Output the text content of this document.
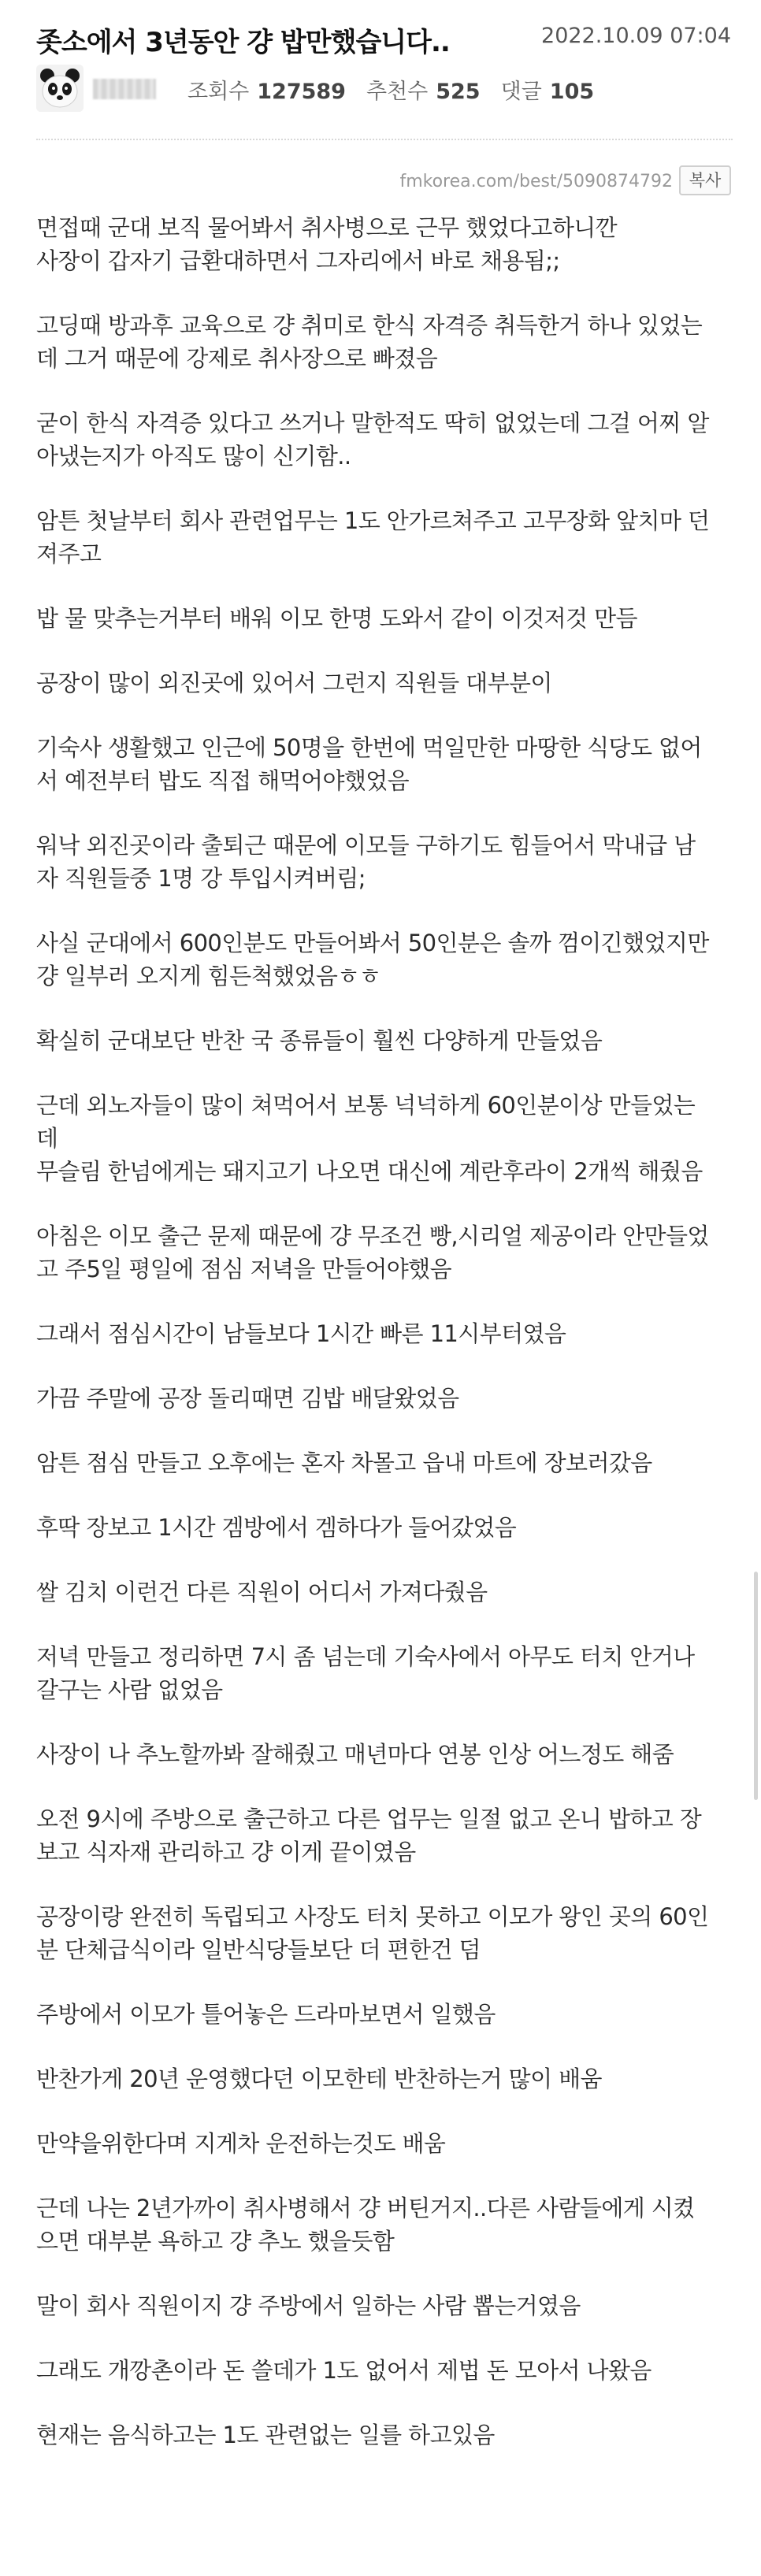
좃소에서 3년동안 걍 밥만했습니다..	2022.10.09 07:04
조회수 127589 추천수 525 댓글 105
fmkorea.com/best/5090874792 복사

면접때 군대 보직 물어봐서 취사병으로 근무 했었다고하니깐
사장이 갑자기 급환대하면서 그자리에서 바로 채용됨;;

고딩때 방과후 교육으로 걍 취미로 한식 자격증 취득한거 하나 있었는
데 그거 때문에 강제로 취사장으로 빠졌음

굳이 한식 자격증 있다고 쓰거나 말한적도 딱히 없었는데 그걸 어찌 알
아냈는지가 아직도 많이 신기함..

암튼 첫날부터 회사 관련업무는 1도 안가르쳐주고 고무장화 앞치마 던
져주고

밥 물 맞추는거부터 배워 이모 한명 도와서 같이 이것저것 만듬

공장이 많이 외진곳에 있어서 그런지 직원들 대부분이

기숙사 생활했고 인근에 50명을 한번에 먹일만한 마땅한 식당도 없어
서 예전부터 밥도 직접 해먹어야했었음

워낙 외진곳이라 출퇴근 때문에 이모들 구하기도 힘들어서 막내급 남
자 직원들중 1명 강 투입시켜버림;

사실 군대에서 600인분도 만들어봐서 50인분은 솔까 껌이긴했었지만
걍 일부러 오지게 힘든척했었음ㅎㅎ

확실히 군대보단 반찬 국 종류들이 훨씬 다양하게 만들었음

근데 외노자들이 많이 쳐먹어서 보통 넉넉하게 60인분이상 만들었는
데
무슬림 한넘에게는 돼지고기 나오면 대신에 계란후라이 2개씩 해줬음

아침은 이모 출근 문제 때문에 걍 무조건 빵,시리얼 제공이라 안만들었
고 주5일 평일에 점심 저녁을 만들어야했음

그래서 점심시간이 남들보다 1시간 빠른 11시부터였음

가끔 주말에 공장 돌리때면 김밥 배달왔었음

암튼 점심 만들고 오후에는 혼자 차몰고 읍내 마트에 장보러갔음

후딱 장보고 1시간 겜방에서 겜하다가 들어갔었음

쌀 김치 이런건 다른 직원이 어디서 가져다줬음

저녁 만들고 정리하면 7시 좀 넘는데 기숙사에서 아무도 터치 안거나
갈구는 사람 없었음

사장이 나 추노할까봐 잘해줬고 매년마다 연봉 인상 어느정도 해줌

오전 9시에 주방으로 출근하고 다른 업무는 일절 없고 온니 밥하고 장
보고 식자재 관리하고 걍 이게 끝이였음

공장이랑 완전히 독립되고 사장도 터치 못하고 이모가 왕인 곳의 60인
분 단체급식이라 일반식당들보단 더 편한건 덤

주방에서 이모가 틀어놓은 드라마보면서 일했음

반찬가게 20년 운영했다던 이모한테 반찬하는거 많이 배움

만약을위한다며 지게차 운전하는것도 배움

근데 나는 2년가까이 취사병해서 걍 버틴거지..다른 사람들에게 시켰
으면 대부분 욕하고 걍 추노 했을듯함

말이 회사 직원이지 걍 주방에서 일하는 사람 뽑는거였음

그래도 개깡촌이라 돈 쓸데가 1도 없어서 제법 돈 모아서 나왔음

현재는 음식하고는 1도 관련없는 일를 하고있음
